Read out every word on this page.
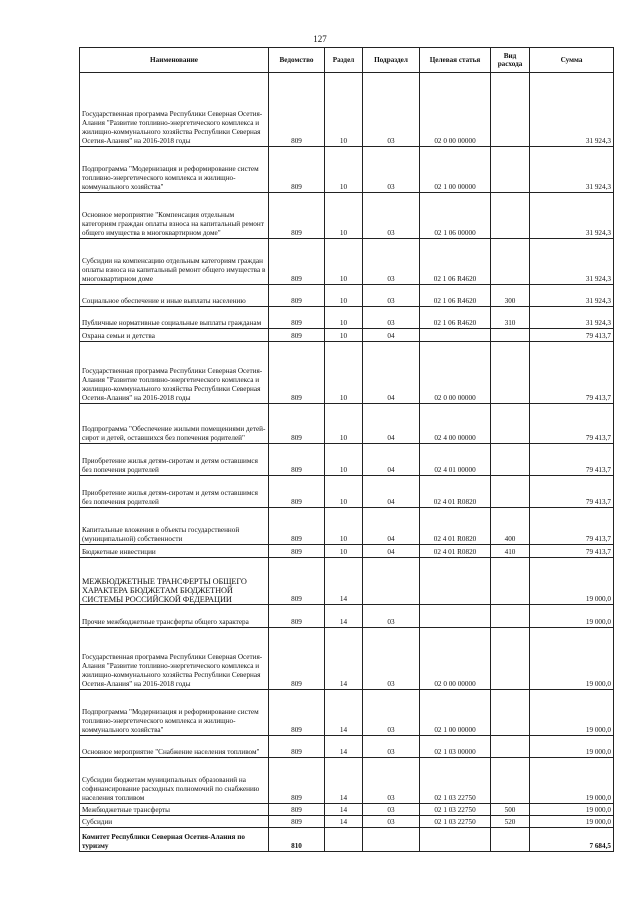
127
Наименование	Ведомство	Раздел	Подраздел	Целевая статья	Вид расхода	Сумма
Государственная программа Республики Северная Осетия-Алания "Развитие топливно-энергетического комплекса и жилищно-коммунального хозяйства Республики Северная Осетия-Алания" на 2016-2018 годы	809	10	03	02 0 00 00000		31 924,3
Подпрограмма "Модернизация и реформирование систем топливно-энергетического комплекса и жилищно-коммунального хозяйства"	809	10	03	02 1 00 00000		31 924,3
Основное мероприятие "Компенсация отдельным категориям граждан оплаты взноса на капитальный ремонт общего имущества в многоквартирном доме"	809	10	03	02 1 06 00000		31 924,3
Субсидии на компенсацию отдельным категориям граждан оплаты взноса на капитальный ремонт общего имущества в многоквартирном доме	809	10	03	02 1 06 R4620		31 924,3
Социальное обеспечение и иные выплаты населению	809	10	03	02 1 06 R4620	300	31 924,3
Публичные нормативные социальные выплаты гражданам	809	10	03	02 1 06 R4620	310	31 924,3
Охрана семьи и детства	809	10	04			79 413,7
Государственная программа Республики Северная Осетия-Алания "Развитие топливно-энергетического комплекса и жилищно-коммунального хозяйства Республики Северная Осетия-Алания" на 2016-2018 годы	809	10	04	02 0 00 00000		79 413,7
Подпрограмма "Обеспечение жилыми помещениями детей-сирот и детей, оставшихся без попечения родителей"	809	10	04	02 4 00 00000		79 413,7
Приобретение жилья детям-сиротам и детям оставшимся без попечения родителей	809	10	04	02 4 01 00000		79 413,7
Приобретение жилья детям-сиротам и детям оставшимся без попечения родителей	809	10	04	02 4 01 R0820		79 413,7
Капитальные вложения в объекты государственной (муниципальной) собственности	809	10	04	02 4 01 R0820	400	79 413,7
Бюджетные инвестиции	809	10	04	02 4 01 R0820	410	79 413,7
МЕЖБЮДЖЕТНЫЕ ТРАНСФЕРТЫ ОБЩЕГО ХАРАКТЕРА БЮДЖЕТАМ БЮДЖЕТНОЙ СИСТЕМЫ РОССИЙСКОЙ ФЕДЕРАЦИИ	809	14				19 000,0
Прочие межбюджетные трансферты общего характера	809	14	03			19 000,0
Государственная программа Республики Северная Осетия-Алания "Развитие топливно-энергетического комплекса и жилищно-коммунального хозяйства Республики Северная Осетия-Алания" на 2016-2018 годы	809	14	03	02 0 00 00000		19 000,0
Подпрограмма "Модернизация и реформирование систем топливно-энергетического комплекса и жилищно-коммунального хозяйства"	809	14	03	02 1 00 00000		19 000,0
Основное мероприятие "Снабжение населения топливом"	809	14	03	02 1 03 00000		19 000,0
Субсидии бюджетам муниципальных образований на софинансирование расходных полномочий по снабжению населения топливом	809	14	03	02 1 03 22750		19 000,0
Межбюджетные трансферты	809	14	03	02 1 03 22750	500	19 000,0
Субсидии	809	14	03	02 1 03 22750	520	19 000,0
Комитет Республики Северная Осетия-Алания по туризму	810					7 684,5
